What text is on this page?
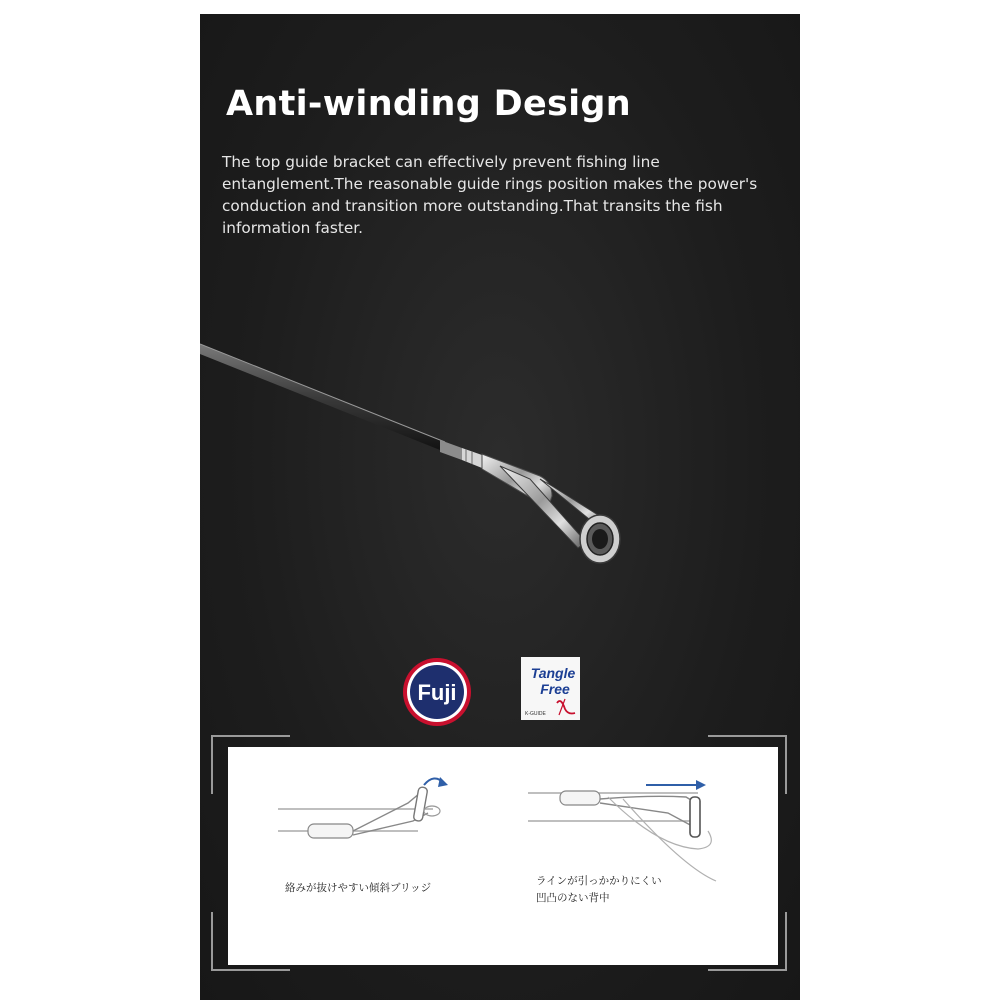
Anti-winding Design

The top guide bracket can effectively prevent fishing line entanglement.The reasonable guide rings position makes the power's conduction and transition more outstanding.That transits the fish information faster.

Fuji
Tangle
Free
K-GUIDE

絡みが抜けやすい傾斜ブリッジ

ラインが引っかかりにくい
凹凸のない背中
